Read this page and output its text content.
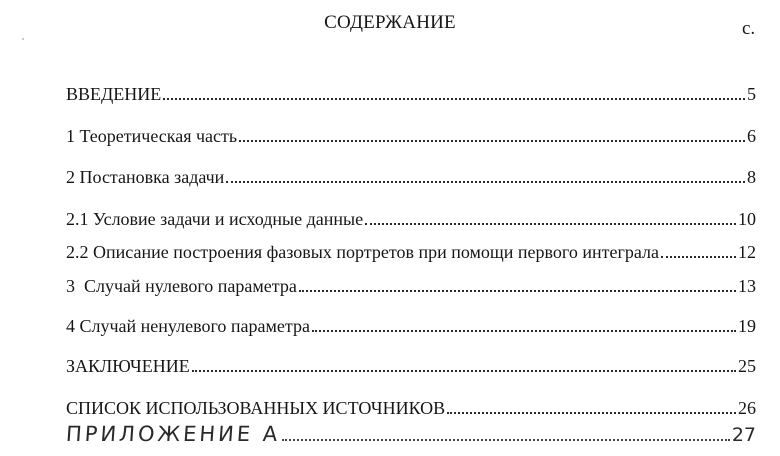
СОДЕРЖАНИЕ	с.
ВВЕДЕНИЕ	5
1 Теоретическая часть	6
2 Постановка задачи	8
2.1 Условие задачи и исходные данные	10
2.2 Описание построения фазовых портретов при помощи первого интеграла	12
3  Случай нулевого параметра	13
4 Случай ненулевого параметра	19
ЗАКЛЮЧЕНИЕ	25
СПИСОК ИСПОЛЬЗОВАННЫХ ИСТОЧНИКОВ	26
ПРИЛОЖЕНИЕ А	27
